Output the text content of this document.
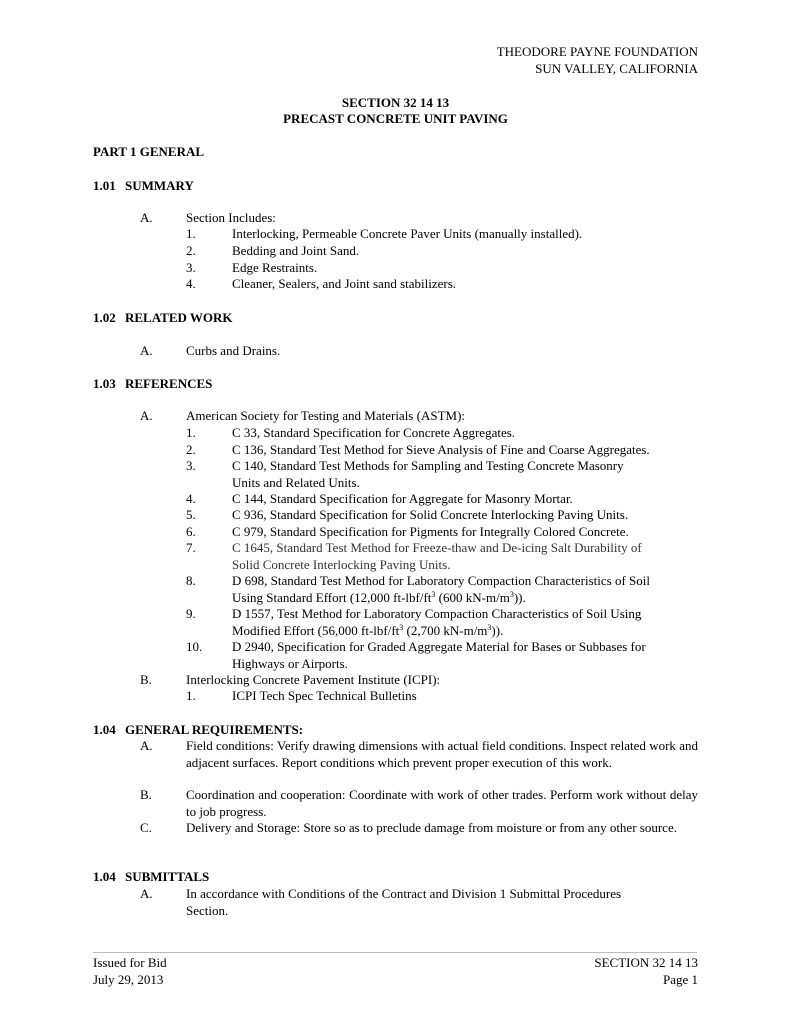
THEODORE PAYNE FOUNDATION
SUN VALLEY, CALIFORNIA
SECTION 32 14 13
PRECAST CONCRETE UNIT PAVING
PART 1 GENERAL
1.01 SUMMARY
A.	Section Includes:
1.	Interlocking, Permeable Concrete Paver Units (manually installed).
2.	Bedding and Joint Sand.
3.	Edge Restraints.
4.	Cleaner, Sealers, and Joint sand stabilizers.
1.02 RELATED WORK
A.	Curbs and Drains.
1.03 REFERENCES
A.	American Society for Testing and Materials (ASTM):
1.	C 33, Standard Specification for Concrete Aggregates.
2.	C 136, Standard Test Method for Sieve Analysis of Fine and Coarse Aggregates.
3.	C 140, Standard Test Methods for Sampling and Testing Concrete Masonry
Units and Related Units.
4.	C 144, Standard Specification for Aggregate for Masonry Mortar.
5.	C 936, Standard Specification for Solid Concrete Interlocking Paving Units.
6.	C 979, Standard Specification for Pigments for Integrally Colored Concrete.
7.	C 1645, Standard Test Method for Freeze-thaw and De-icing Salt Durability of
Solid Concrete Interlocking Paving Units.
8.	D 698, Standard Test Method for Laboratory Compaction Characteristics of Soil
Using Standard Effort (12,000 $ft-lbf/ft^3$ (600 $kN-m/m^3$)).
9.	D 1557, Test Method for Laboratory Compaction Characteristics of Soil Using
Modified Effort (56,000 $ft-lbf/ft^3$ (2,700 $kN-m/m^3$)).
10. D 2940, Specification for Graded Aggregate Material for Bases or Subbases for
Highways or Airports.
B.	Interlocking Concrete Pavement Institute (ICPI):
1.	ICPI Tech Spec Technical Bulletins
1.04 GENERAL REQUIREMENTS:
A.	Field conditions: Verify drawing dimensions with actual field conditions. Inspect related work and adjacent surfaces. Report conditions which prevent proper execution of this work.
B.	Coordination and cooperation: Coordinate with work of other trades. Perform work without delay to job progress.
C.	Delivery and Storage: Store so as to preclude damage from moisture or from any other source.
1.04 SUBMITTALS
A.	In accordance with Conditions of the Contract and Division 1 Submittal Procedures Section.
Issued for Bid
July 29, 2013
SECTION 32 14 13
Page 1
